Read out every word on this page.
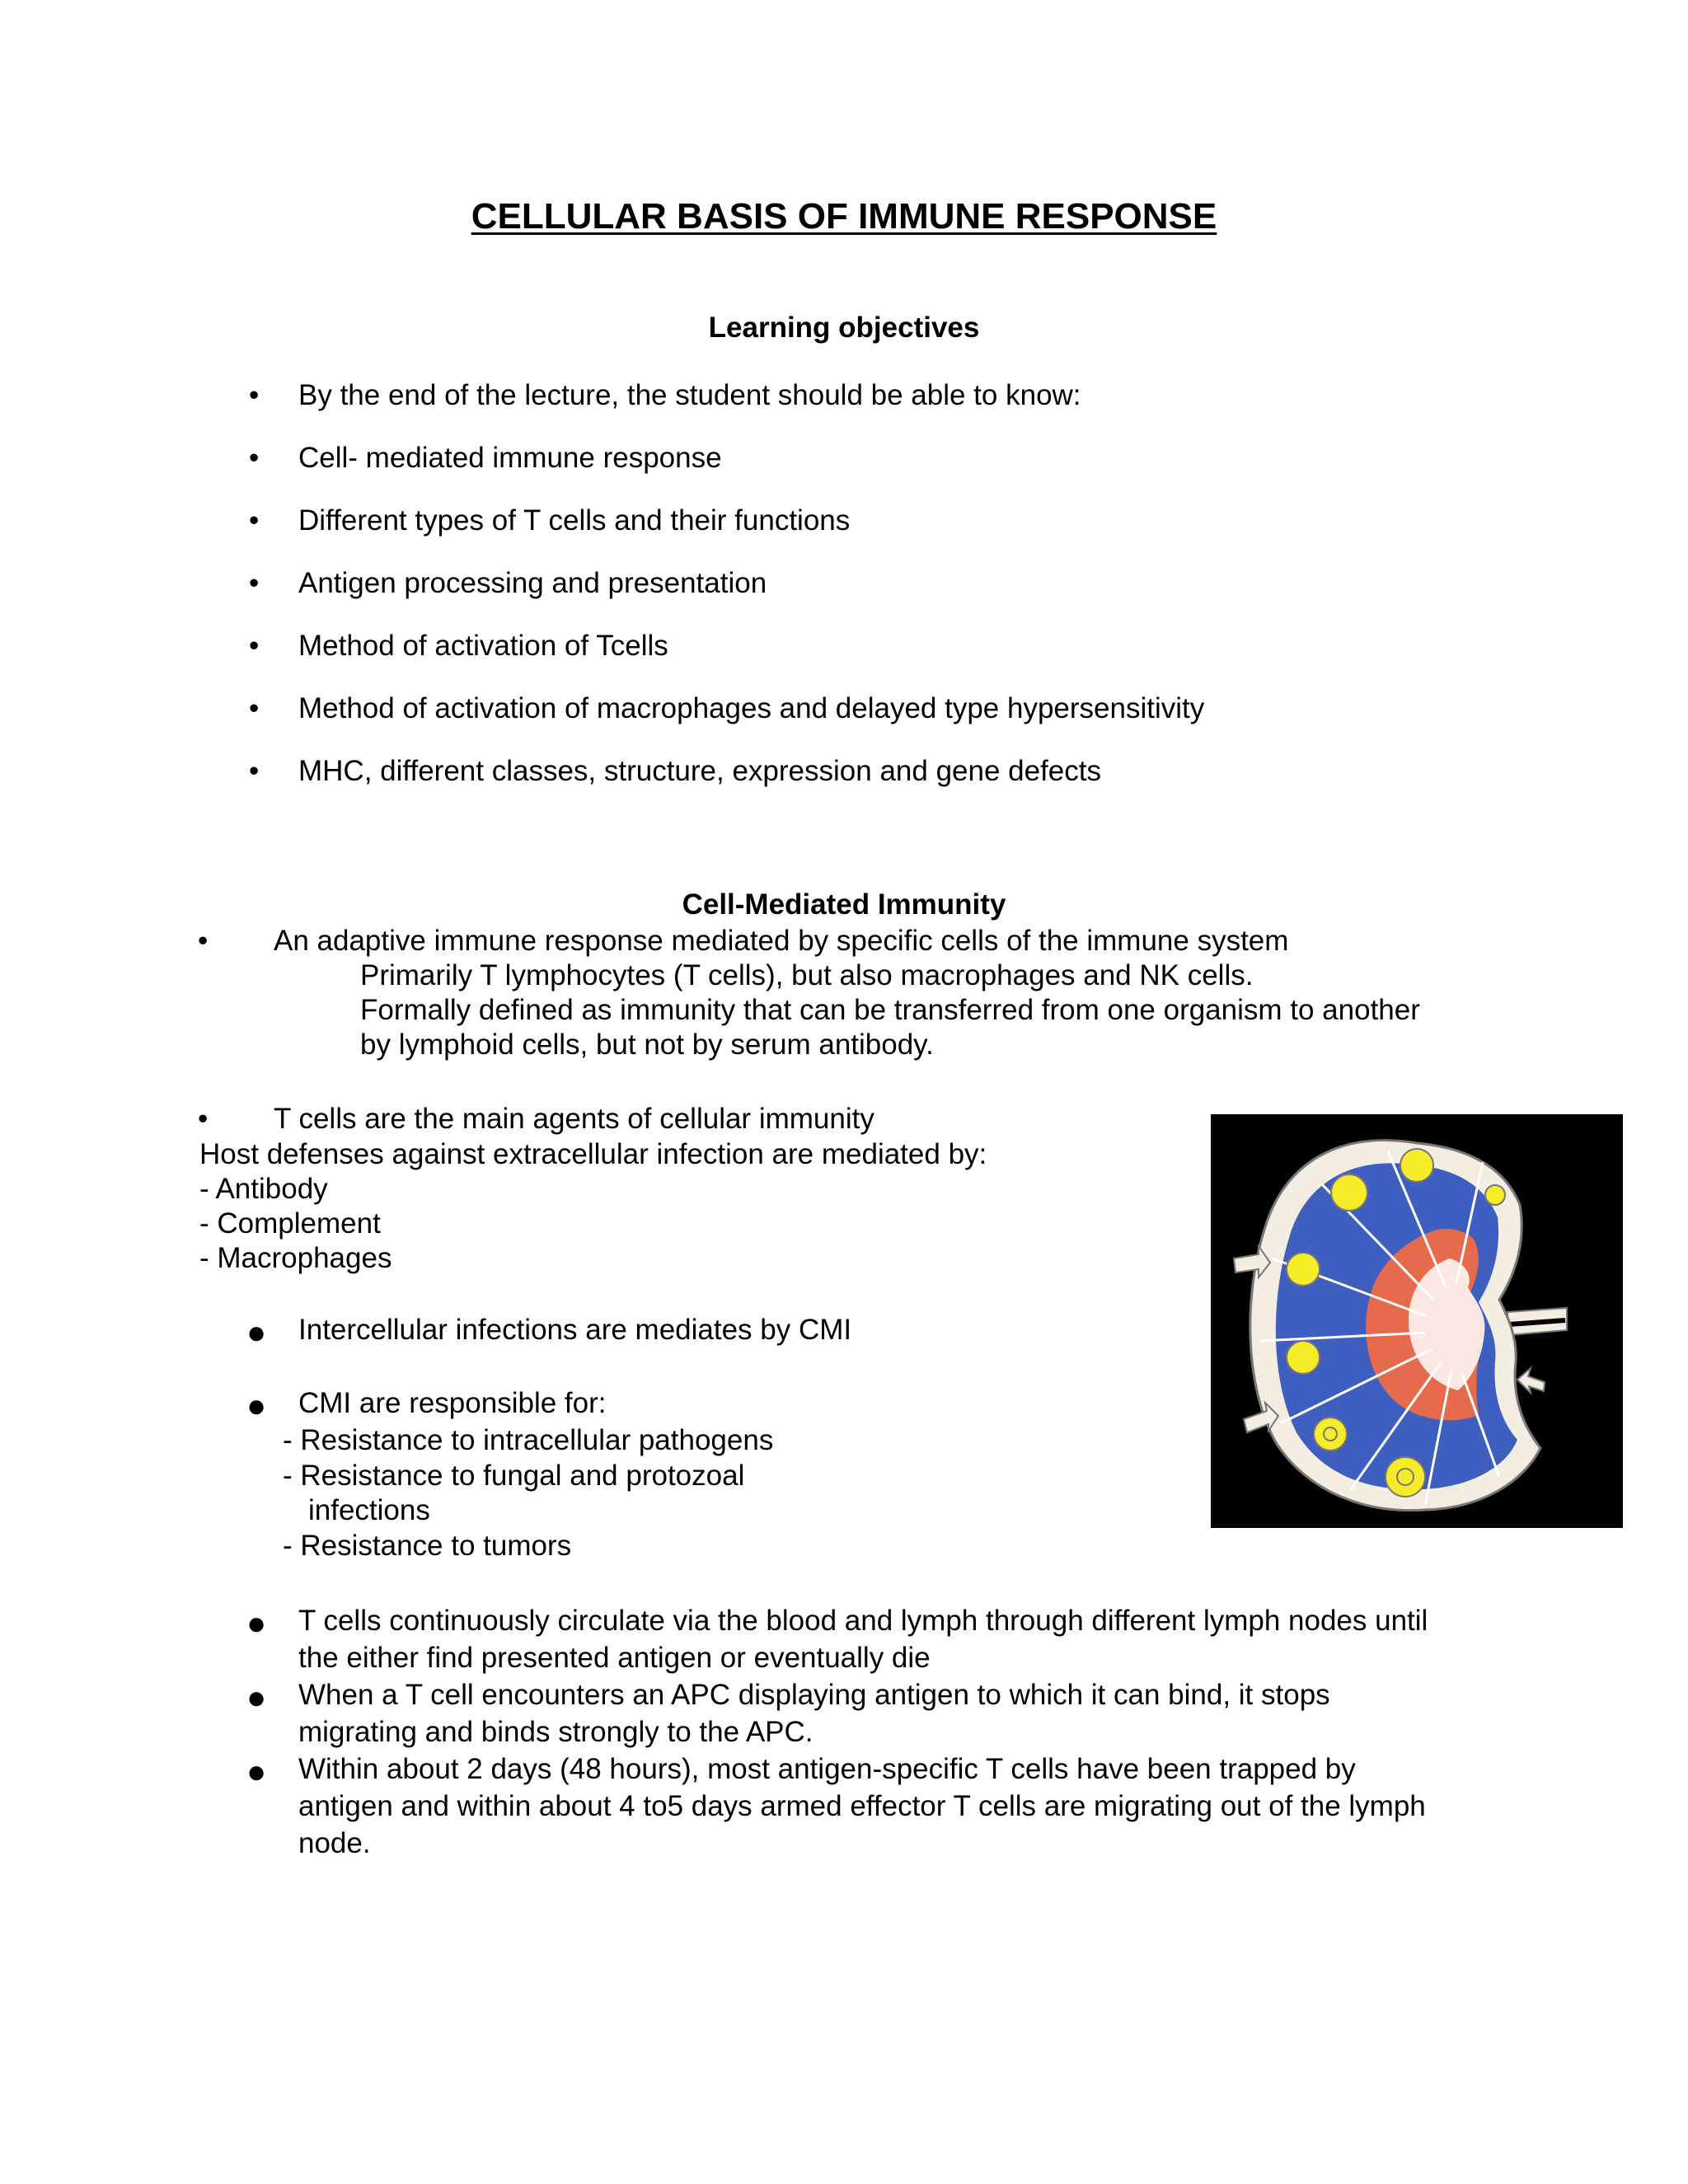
CELLULAR BASIS OF IMMUNE RESPONSE
Learning objectives
• By the end of the lecture, the student should be able to know:
• Cell- mediated immune response
• Different types of T cells and their functions
• Antigen processing and presentation
• Method of activation of Tcells
• Method of activation of macrophages and delayed type hypersensitivity
• MHC, different classes, structure, expression and gene defects
Cell-Mediated Immunity
• An adaptive immune response mediated by specific cells of the immune system
Primarily T lymphocytes (T cells), but also macrophages and NK cells.
Formally defined as immunity that can be transferred from one organism to another
by lymphoid cells, but not by serum antibody.
• T cells are the main agents of cellular immunity
Host defenses against extracellular infection are mediated by:
- Antibody
- Complement
- Macrophages
● Intercellular infections are mediates by CMI
● CMI are responsible for:
- Resistance to intracellular pathogens
- Resistance to fungal and protozoal
infections
- Resistance to tumors
● T cells continuously circulate via the blood and lymph through different lymph nodes until
the either find presented antigen or eventually die
● When a T cell encounters an APC displaying antigen to which it can bind, it stops
migrating and binds strongly to the APC.
● Within about 2 days (48 hours), most antigen-specific T cells have been trapped by
antigen and within about 4 to5 days armed effector T cells are migrating out of the lymph
node.
